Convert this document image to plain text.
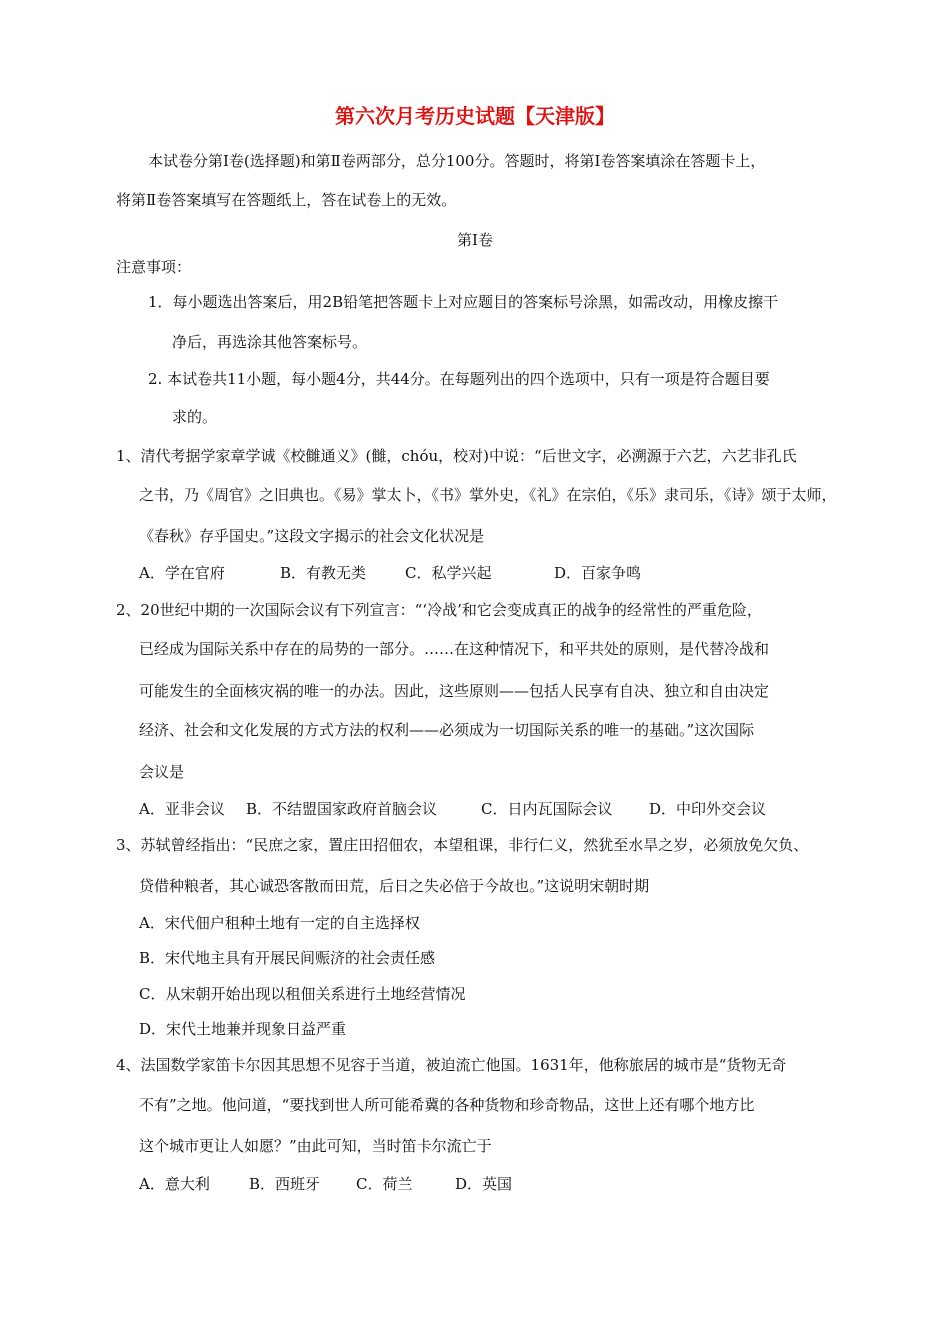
第六次月考历史试题【天津版】
本试卷分第Ⅰ卷(选择题)和第Ⅱ卷两部分，总分100分。答题时，将第Ⅰ卷答案填涂在答题卡上，
将第Ⅱ卷答案填写在答题纸上，答在试卷上的无效。
第Ⅰ卷
注意事项：
1．每小题选出答案后，用2B铅笔把答题卡上对应题目的答案标号涂黑，如需改动，用橡皮擦干
净后，再选涂其他答案标号。
2. 本试卷共11小题，每小题4分，共44分。在每题列出的四个选项中，只有一项是符合题目要
求的。
1、清代考据学家章学诚《校雠通义》(雠，chóu，校对)中说：“后世文字，必溯源于六艺，六艺非孔氏
之书，乃《周官》之旧典也。《易》掌太卜，《书》掌外史，《礼》在宗伯，《乐》隶司乐，《诗》颂于太师，
《春秋》存乎国史。”这段文字揭示的社会文化状况是
A．学在官府	B．有教无类	C．私学兴起	D．百家争鸣
2、20世纪中期的一次国际会议有下列宣言：“‘冷战’和它会变成真正的战争的经常性的严重危险，
已经成为国际关系中存在的局势的一部分。……在这种情况下，和平共处的原则，是代替冷战和
可能发生的全面核灾祸的唯一的办法。因此，这些原则——包括人民享有自决、独立和自由决定
经济、社会和文化发展的方式方法的权利——必须成为一切国际关系的唯一的基础。”这次国际
会议是
A．亚非会议 B．不结盟国家政府首脑会议	C．日内瓦国际会议 D．中印外交会议
3、苏轼曾经指出：“民庶之家，置庄田招佃农，本望租课，非行仁义，然犹至水旱之岁，必须放免欠负、
贷借种粮者，其心诚恐客散而田荒，后日之失必倍于今故也。”这说明宋朝时期
A．宋代佃户租种土地有一定的自主选择权
B．宋代地主具有开展民间赈济的社会责任感
C．从宋朝开始出现以租佃关系进行土地经营情况
D．宋代土地兼并现象日益严重
4、法国数学家笛卡尔因其思想不见容于当道，被迫流亡他国。1631年，他称旅居的城市是“货物无奇
不有”之地。他问道，“要找到世人所可能希冀的各种货物和珍奇物品，这世上还有哪个地方比
这个城市更让人如愿？”由此可知，当时笛卡尔流亡于
A．意大利	B．西班牙 C．荷兰	D．英国
